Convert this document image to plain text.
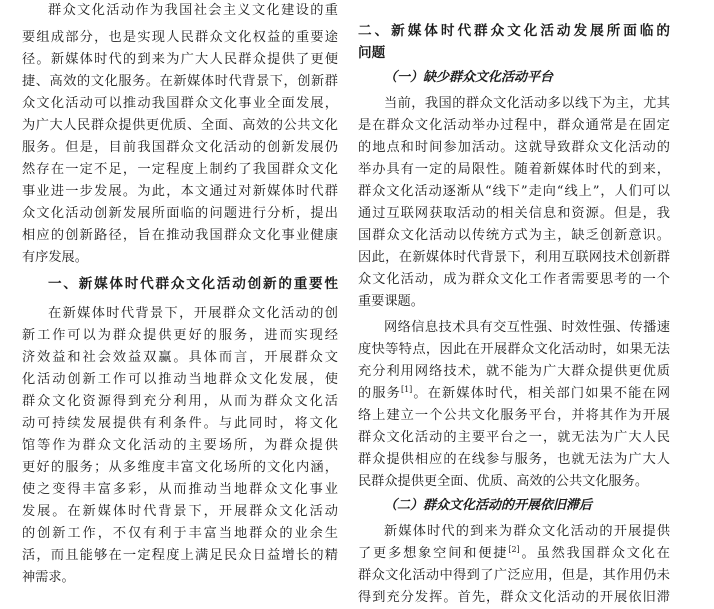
群众文化活动作为我国社会主义文化建设的重
要组成部分，也是实现人民群众文化权益的重要途
径。新媒体时代的到来为广大人民群众提供了更便
捷、高效的文化服务。在新媒体时代背景下，创新群
众文化活动可以推动我国群众文化事业全面发展，
为广大人民群众提供更优质、全面、高效的公共文化
服务。但是，目前我国群众文化活动的创新发展仍
然存在一定不足，一定程度上制约了我国群众文化
事业进一步发展。为此，本文通过对新媒体时代群
众文化活动创新发展所面临的问题进行分析，提出
相应的创新路径，旨在推动我国群众文化事业健康
有序发展。
一、新媒体时代群众文化活动创新的重要性
在新媒体时代背景下，开展群众文化活动的创
新工作可以为群众提供更好的服务，进而实现经
济效益和社会效益双赢。具体而言，开展群众文
化活动创新工作可以推动当地群众文化发展，使
群众文化资源得到充分利用，从而为群众文化活
动可持续发展提供有利条件。与此同时，将文化
馆等作为群众文化活动的主要场所，为群众提供
更好的服务；从多维度丰富文化场所的文化内涵，
使之变得丰富多彩，从而推动当地群众文化事业
发展。在新媒体时代背景下，开展群众文化活动
的创新工作，不仅有利于丰富当地群众的业余生
活，而且能够在一定程度上满足民众日益增长的精
神需求。
二、新媒体时代群众文化活动发展所面临的
问题
（一）缺少群众文化活动平台
当前，我国的群众文化活动多以线下为主，尤其
是在群众文化活动举办过程中，群众通常是在固定
的地点和时间参加活动。这就导致群众文化活动的
举办具有一定的局限性。随着新媒体时代的到来，
群众文化活动逐渐从“线下”走向“线上”，人们可以
通过互联网获取活动的相关信息和资源。但是，我
国群众文化活动以传统方式为主，缺乏创新意识。
因此，在新媒体时代背景下，利用互联网技术创新群
众文化活动，成为群众文化工作者需要思考的一个
重要课题。
网络信息技术具有交互性强、时效性强、传播速
度快等特点，因此在开展群众文化活动时，如果无法
充分利用网络技术，就不能为广大群众提供更优质
的服务[1]。在新媒体时代，相关部门如果不能在网
络上建立一个公共文化服务平台，并将其作为开展
群众文化活动的主要平台之一，就无法为广大人民
群众提供相应的在线参与服务，也就无法为广大人
民群众提供更全面、优质、高效的公共文化服务。
（二）群众文化活动的开展依旧滞后
新媒体时代的到来为群众文化活动的开展提供
了更多想象空间和便捷[2]。虽然我国群众文化在
群众文化活动中得到了广泛应用，但是，其作用仍未
得到充分发挥。首先，群众文化活动的开展依旧滞
